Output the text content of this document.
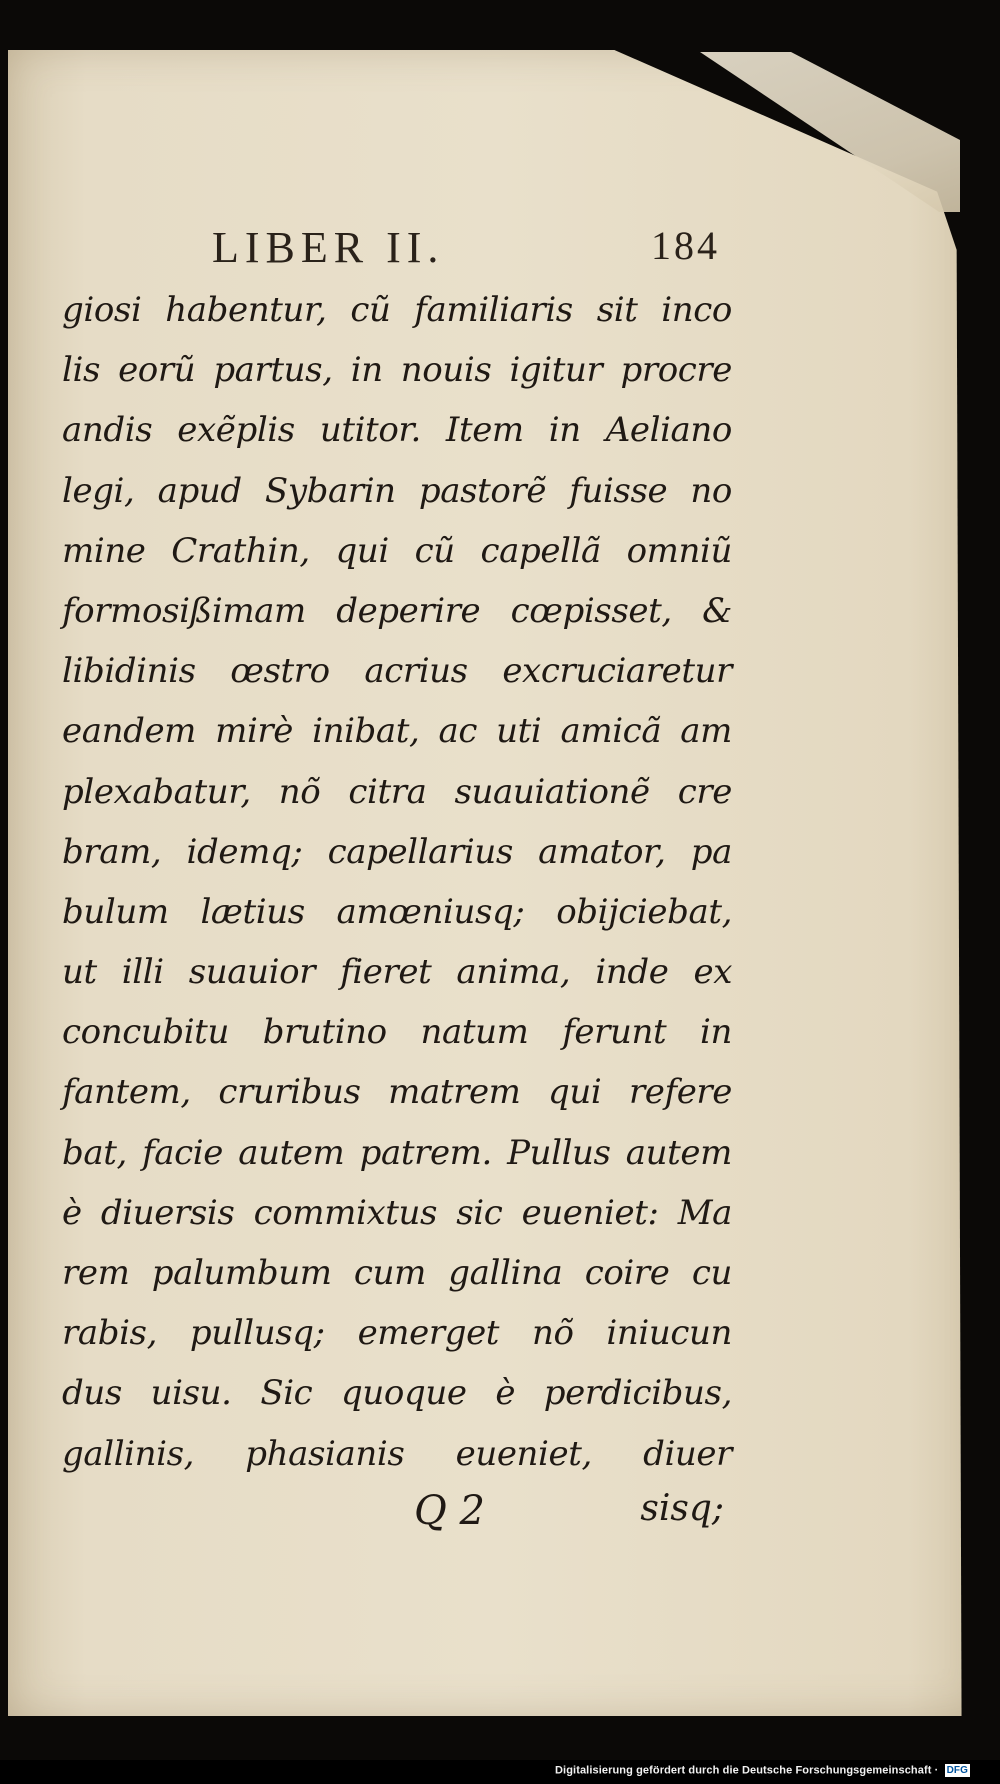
LIBER II.	184
giosi habentur, cũ familiaris sit inco
lis eorũ partus, in nouis igitur procre
andis exẽplis utitor. Item in Aeliano
legi, apud Sybarin pastorẽ fuisse no
mine Crathin, qui cũ capellã omniũ
formosißimam deperire cœpisset, &
libidinis œstro acrius excruciaretur
eandem mirè inibat, ac uti amicã am
plexabatur, nõ citra suauiationẽ cre
bram, idemq; capellarius amator, pa
bulum lætius amœniusq; obijciebat,
ut illi suauior fieret anima, inde ex
concubitu brutino natum ferunt in
fantem, cruribus matrem qui refere
bat, facie autem patrem. Pullus autem
è diuersis commixtus sic eueniet: Ma
rem palumbum cum gallina coire cu
rabis, pullusq; emerget nõ iniucun
dus uisu. Sic quoque è perdicibus,
gallinis, phasianis eueniet, diuer
Q 2	sisq;
Digitalisierung gefördert durch die Deutsche Forschungsgemeinschaft · DFG
